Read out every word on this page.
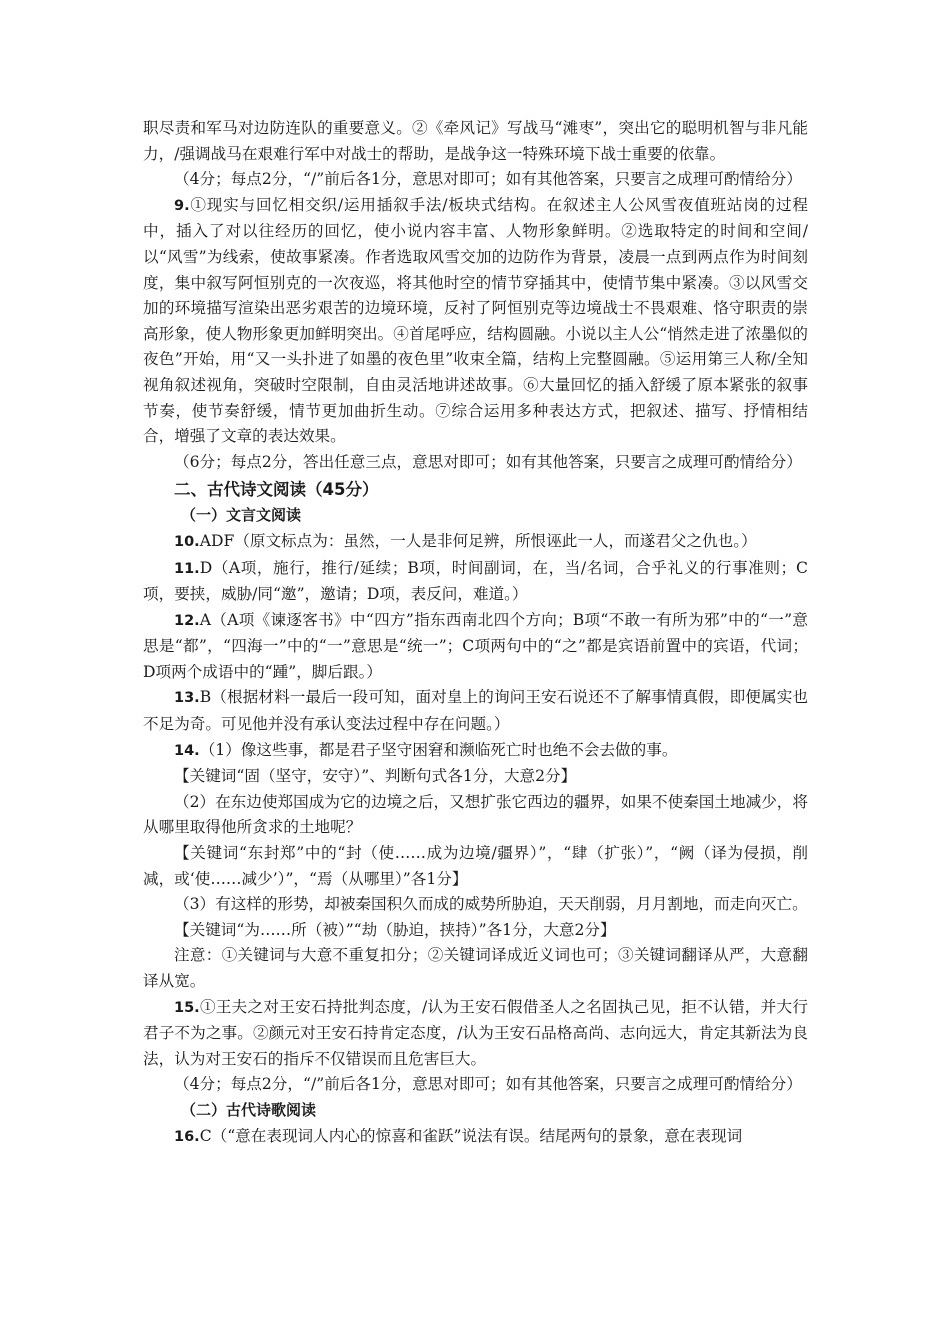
职尽责和军马对边防连队的重要意义。②《牵风记》写战马“滩枣”，突出它的聪明机智与非凡能力，/强调战马在艰难行军中对战士的帮助，是战争这一特殊环境下战士重要的依靠。
（4分；每点2分，“/”前后各1分，意思对即可；如有其他答案，只要言之成理可酌情给分）
9.①现实与回忆相交织/运用插叙手法/板块式结构。在叙述主人公风雪夜值班站岗的过程中，插入了对以往经历的回忆，使小说内容丰富、人物形象鲜明。②选取特定的时间和空间/以“风雪”为线索，使故事紧凑。作者选取风雪交加的边防作为背景，凌晨一点到两点作为时间刻度，集中叙写阿恒别克的一次夜巡，将其他时空的情节穿插其中，使情节集中紧凑。③以风雪交加的环境描写渲染出恶劣艰苦的边境环境，反衬了阿恒别克等边境战士不畏艰难、恪守职责的崇高形象，使人物形象更加鲜明突出。④首尾呼应，结构圆融。小说以主人公“悄然走进了浓墨似的夜色”开始，用“又一头扑进了如墨的夜色里”收束全篇，结构上完整圆融。⑤运用第三人称/全知视角叙述视角，突破时空限制，自由灵活地讲述故事。⑥大量回忆的插入舒缓了原本紧张的叙事节奏，使节奏舒缓，情节更加曲折生动。⑦综合运用多种表达方式，把叙述、描写、抒情相结合，增强了文章的表达效果。
（6分；每点2分，答出任意三点，意思对即可；如有其他答案，只要言之成理可酌情给分）
二、古代诗文阅读（45分）
（一）文言文阅读
10.ADF（原文标点为：虽然，一人是非何足辨，所恨诬此一人，而遂君父之仇也。）
11.D（A项，施行，推行/延续；B项，时间副词，在，当/名词，合乎礼义的行事准则；C项，要挟，威胁/同“邀”，邀请；D项，表反问，难道。）
12.A（A项《谏逐客书》中“四方”指东西南北四个方向；B项“不敢一有所为邪”中的“一”意思是“都”，“四海一”中的“一”意思是“统一”；C项两句中的“之”都是宾语前置中的宾语，代词；D项两个成语中的“踵”，脚后跟。）
13.B（根据材料一最后一段可知，面对皇上的询问王安石说还不了解事情真假，即便属实也不足为奇。可见他并没有承认变法过程中存在问题。）
14.（1）像这些事，都是君子坚守困窘和濒临死亡时也绝不会去做的事。
【关键词“固（坚守，安守）”、判断句式各1分，大意2分】
（2）在东边使郑国成为它的边境之后，又想扩张它西边的疆界，如果不使秦国土地减少，将从哪里取得他所贪求的土地呢？
【关键词“东封郑”中的“封（使……成为边境/疆界）”，“肆（扩张）”，“阙（译为侵损，削减，或‘使……减少’）”，“焉（从哪里）”各1分】
（3）有这样的形势，却被秦国积久而成的威势所胁迫，天天削弱，月月割地，而走向灭亡。
【关键词“为……所（被）”“劫（胁迫，挟持）”各1分，大意2分】
注意：①关键词与大意不重复扣分；②关键词译成近义词也可；③关键词翻译从严，大意翻译从宽。
15.①王夫之对王安石持批判态度，/认为王安石假借圣人之名固执己见，拒不认错，并大行君子不为之事。②颜元对王安石持肯定态度，/认为王安石品格高尚、志向远大，肯定其新法为良法，认为对王安石的指斥不仅错误而且危害巨大。
（4分；每点2分，“/”前后各1分，意思对即可；如有其他答案，只要言之成理可酌情给分）
（二）古代诗歌阅读
16.C（“意在表现词人内心的惊喜和雀跃”说法有误。结尾两句的景象，意在表现词
